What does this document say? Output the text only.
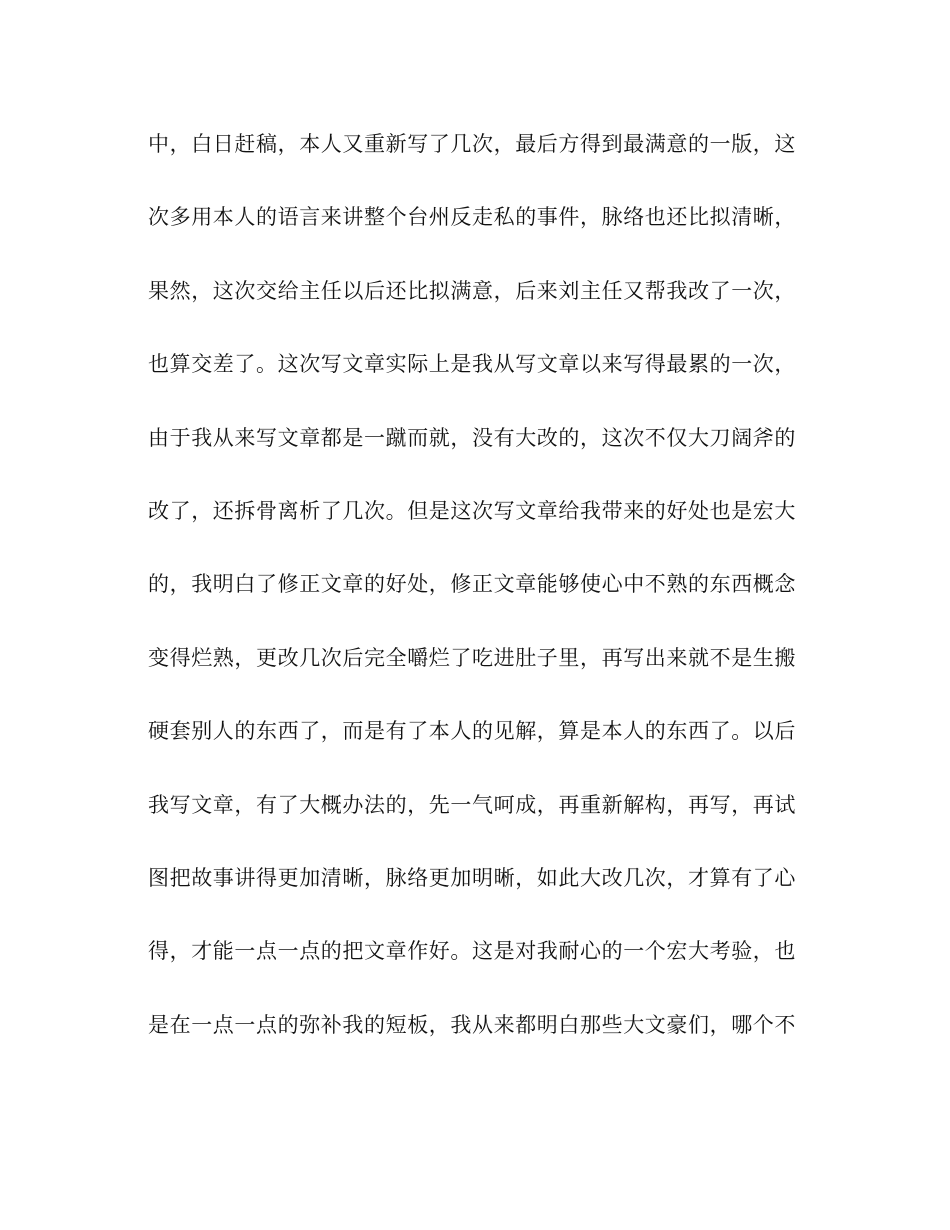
中，白日赶稿，本人又重新写了几次，最后方得到最满意的一版，这
次多用本人的语言来讲整个台州反走私的事件，脉络也还比拟清晰，
果然，这次交给主任以后还比拟满意，后来刘主任又帮我改了一次，
也算交差了。这次写文章实际上是我从写文章以来写得最累的一次，
由于我从来写文章都是一蹴而就，没有大改的，这次不仅大刀阔斧的
改了，还拆骨离析了几次。但是这次写文章给我带来的好处也是宏大
的，我明白了修正文章的好处，修正文章能够使心中不熟的东西概念
变得烂熟，更改几次后完全嚼烂了吃进肚子里，再写出来就不是生搬
硬套别人的东西了，而是有了本人的见解，算是本人的东西了。以后
我写文章，有了大概办法的，先一气呵成，再重新解构，再写，再试
图把故事讲得更加清晰，脉络更加明晰，如此大改几次，才算有了心
得，才能一点一点的把文章作好。这是对我耐心的一个宏大考验，也
是在一点一点的弥补我的短板，我从来都明白那些大文豪们，哪个不
